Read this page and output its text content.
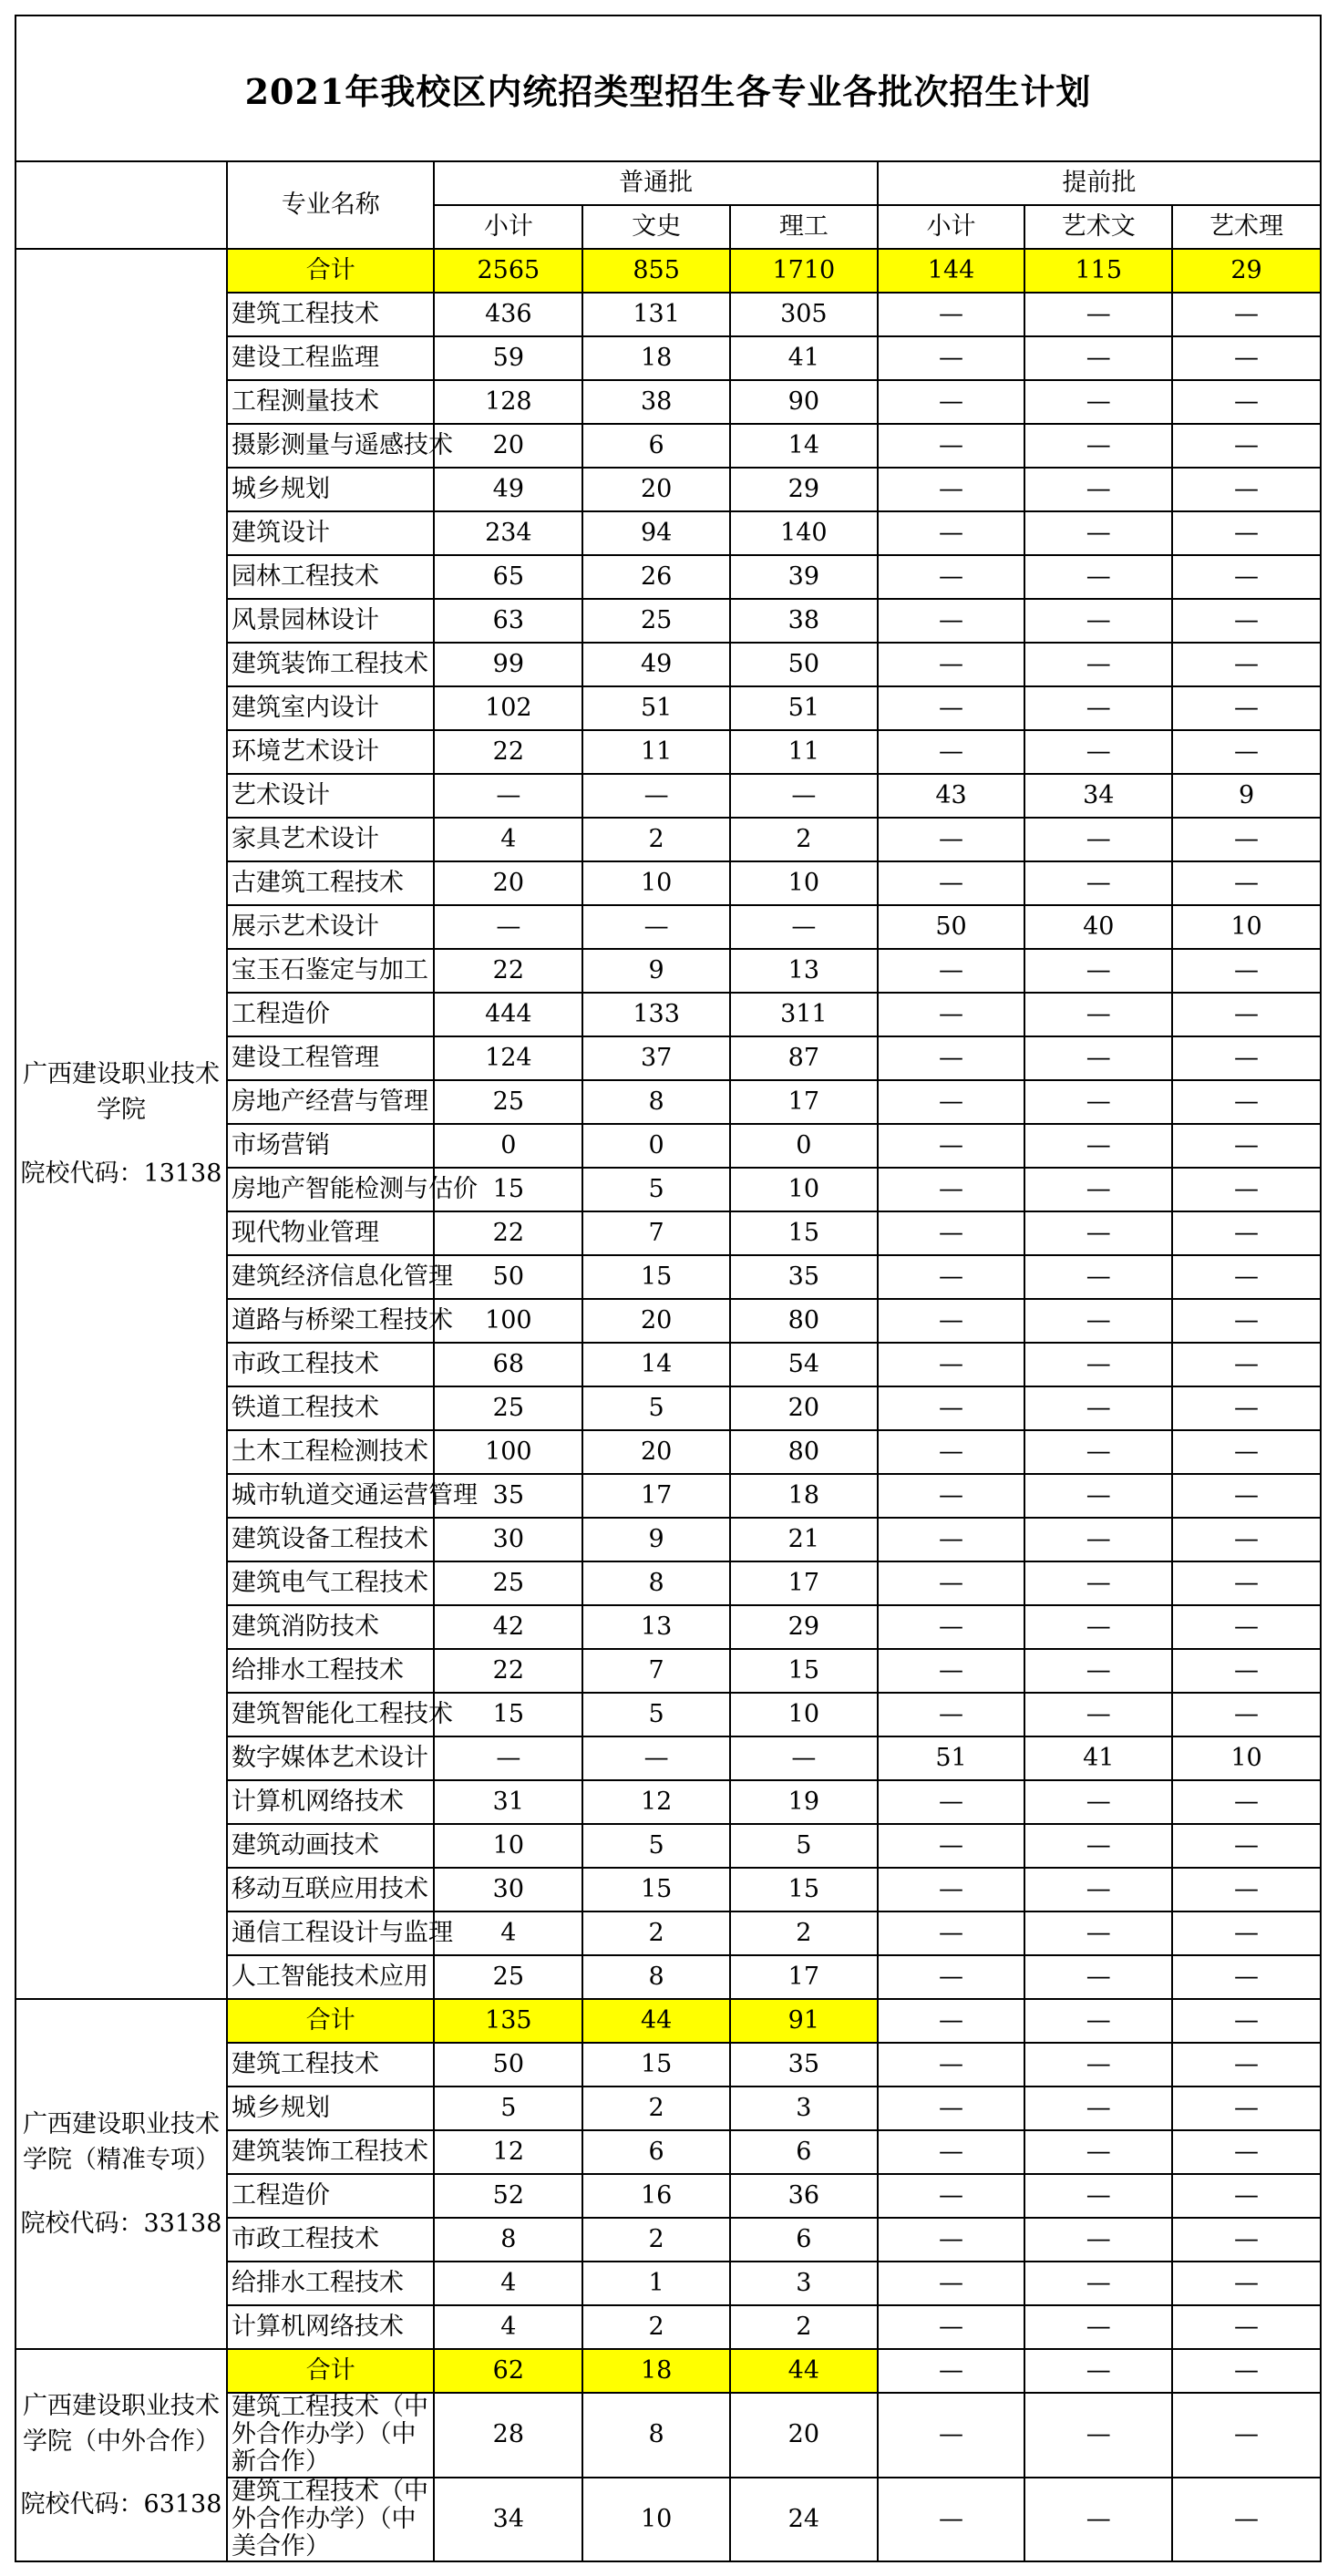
2021年我校区内统招类型招生各专业各批次招生计划
	专业名称	普通批			提前批		
		小计	文史	理工	小计	艺术文	艺术理

广西建设职业技术学院
院校代码：13138	合计	2565	855	1710	144	115	29
	建筑工程技术	436	131	305	—	—	—
	建设工程监理	59	18	41	—	—	—
	工程测量技术	128	38	90	—	—	—
	摄影测量与遥感技术	20	6	14	—	—	—
	城乡规划	49	20	29	—	—	—
	建筑设计	234	94	140	—	—	—
	园林工程技术	65	26	39	—	—	—
	风景园林设计	63	25	38	—	—	—
	建筑装饰工程技术	99	49	50	—	—	—
	建筑室内设计	102	51	51	—	—	—
	环境艺术设计	22	11	11	—	—	—
	艺术设计	—	—	—	43	34	9
	家具艺术设计	4	2	2	—	—	—
	古建筑工程技术	20	10	10	—	—	—
	展示艺术设计	—	—	—	50	40	10
	宝玉石鉴定与加工	22	9	13	—	—	—
	工程造价	444	133	311	—	—	—
	建设工程管理	124	37	87	—	—	—
	房地产经营与管理	25	8	17	—	—	—
	市场营销	0	0	0	—	—	—
	房地产智能检测与估价	15	5	10	—	—	—
	现代物业管理	22	7	15	—	—	—
	建筑经济信息化管理	50	15	35	—	—	—
	道路与桥梁工程技术	100	20	80	—	—	—
	市政工程技术	68	14	54	—	—	—
	铁道工程技术	25	5	20	—	—	—
	土木工程检测技术	100	20	80	—	—	—
	城市轨道交通运营管理	35	17	18	—	—	—
	建筑设备工程技术	30	9	21	—	—	—
	建筑电气工程技术	25	8	17	—	—	—
	建筑消防技术	42	13	29	—	—	—
	给排水工程技术	22	7	15	—	—	—
	建筑智能化工程技术	15	5	10	—	—	—
	数字媒体艺术设计	—	—	—	51	41	10
	计算机网络技术	31	12	19	—	—	—
	建筑动画技术	10	5	5	—	—	—
	移动互联应用技术	30	15	15	—	—	—
	通信工程设计与监理	4	2	2	—	—	—
	人工智能技术应用	25	8	17	—	—	—

广西建设职业技术学院（精准专项）
院校代码：33138	合计	135	44	91	—	—	—
	建筑工程技术	50	15	35	—	—	—
	城乡规划	5	2	3	—	—	—
	建筑装饰工程技术	12	6	6	—	—	—
	工程造价	52	16	36	—	—	—
	市政工程技术	8	2	6	—	—	—
	给排水工程技术	4	1	3	—	—	—
	计算机网络技术	4	2	2	—	—	—

广西建设职业技术学院（中外合作）
院校代码：63138	合计	62	18	44	—	—	—
	建筑工程技术（中外合作办学）（中新合作）	28	8	20	—	—	—
	建筑工程技术（中外合作办学）（中美合作）	34	10	24	—	—	—
